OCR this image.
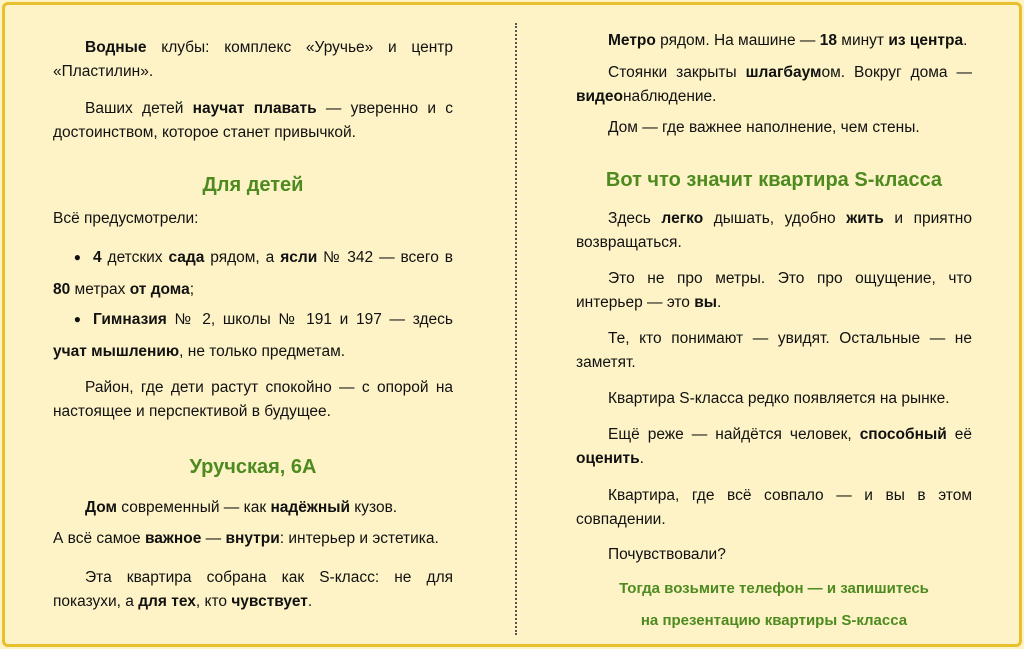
Водные клубы: комплекс «Уручье» и центр «Пластилин».

Ваших детей научат плавать — уверенно и с достоинством, которое станет привычкой.

Для детей

Всё предусмотрели:

● 4 детских сада рядом, а ясли № 342 — всего в 80 метрах от дома;
● Гимназия № 2, школы № 191 и 197 — здесь учат мышлению, не только предметам.

Район, где дети растут спокойно — с опорой на настоящее и перспективой в будущее.

Уручская, 6А

Дом современный — как надёжный кузов.

А всё самое важное — внутри: интерьер и эстетика.

Эта квартира собрана как S-класс: не для показухи, а для тех, кто чувствует.

Метро рядом. На машине — 18 минут из центра.

Стоянки закрыты шлагбаумом. Вокруг дома — видеонаблюдение.

Дом — где важнее наполнение, чем стены.

Вот что значит квартира S-класса

Здесь легко дышать, удобно жить и приятно возвращаться.

Это не про метры. Это про ощущение, что интерьер — это вы.

Те, кто понимают — увидят. Остальные — не заметят.

Квартира S-класса редко появляется на рынке.

Ещё реже — найдётся человек, способный её оценить.

Квартира, где всё совпало — и вы в этом совпадении.

Почувствовали?

Тогда возьмите телефон — и запишитесь
на презентацию квартиры S-класса
